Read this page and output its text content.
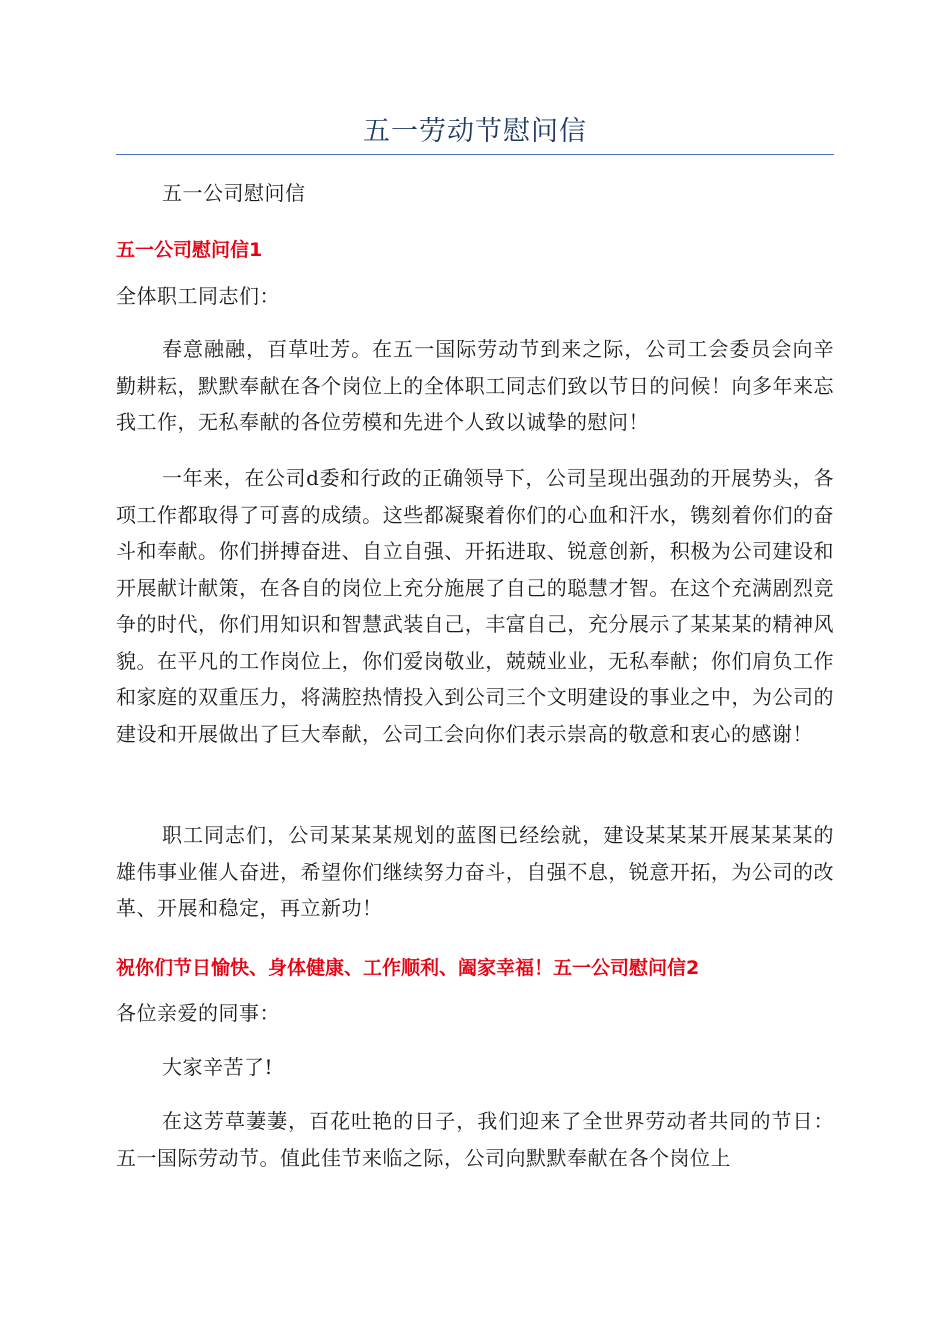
五一劳动节慰问信

五一公司慰问信

五一公司慰问信1

全体职工同志们：

春意融融，百草吐芳。在五一国际劳动节到来之际，公司工会委员会向辛勤耕耘，默默奉献在各个岗位上的全体职工同志们致以节日的问候！向多年来忘我工作，无私奉献的各位劳模和先进个人致以诚挚的慰问！

一年来，在公司d委和行政的正确领导下，公司呈现出强劲的开展势头，各项工作都取得了可喜的成绩。这些都凝聚着你们的心血和汗水，镌刻着你们的奋斗和奉献。你们拼搏奋进、自立自强、开拓进取、锐意创新，积极为公司建设和开展献计献策，在各自的岗位上充分施展了自己的聪慧才智。在这个充满剧烈竞争的时代，你们用知识和智慧武装自己，丰富自己，充分展示了某某某的精神风貌。在平凡的工作岗位上，你们爱岗敬业，兢兢业业，无私奉献；你们肩负工作和家庭的双重压力，将满腔热情投入到公司三个文明建设的事业之中，为公司的建设和开展做出了巨大奉献，公司工会向你们表示崇高的敬意和衷心的感谢！

职工同志们，公司某某某规划的蓝图已经绘就，建设某某某开展某某某的雄伟事业催人奋进，希望你们继续努力奋斗，自强不息，锐意开拓，为公司的改革、开展和稳定，再立新功！

祝你们节日愉快、身体健康、工作顺利、阖家幸福！五一公司慰问信2

各位亲爱的同事：

大家辛苦了!

在这芳草萋萋，百花吐艳的日子，我们迎来了全世界劳动者共同的节日：五一国际劳动节。值此佳节来临之际，公司向默默奉献在各个岗位上
